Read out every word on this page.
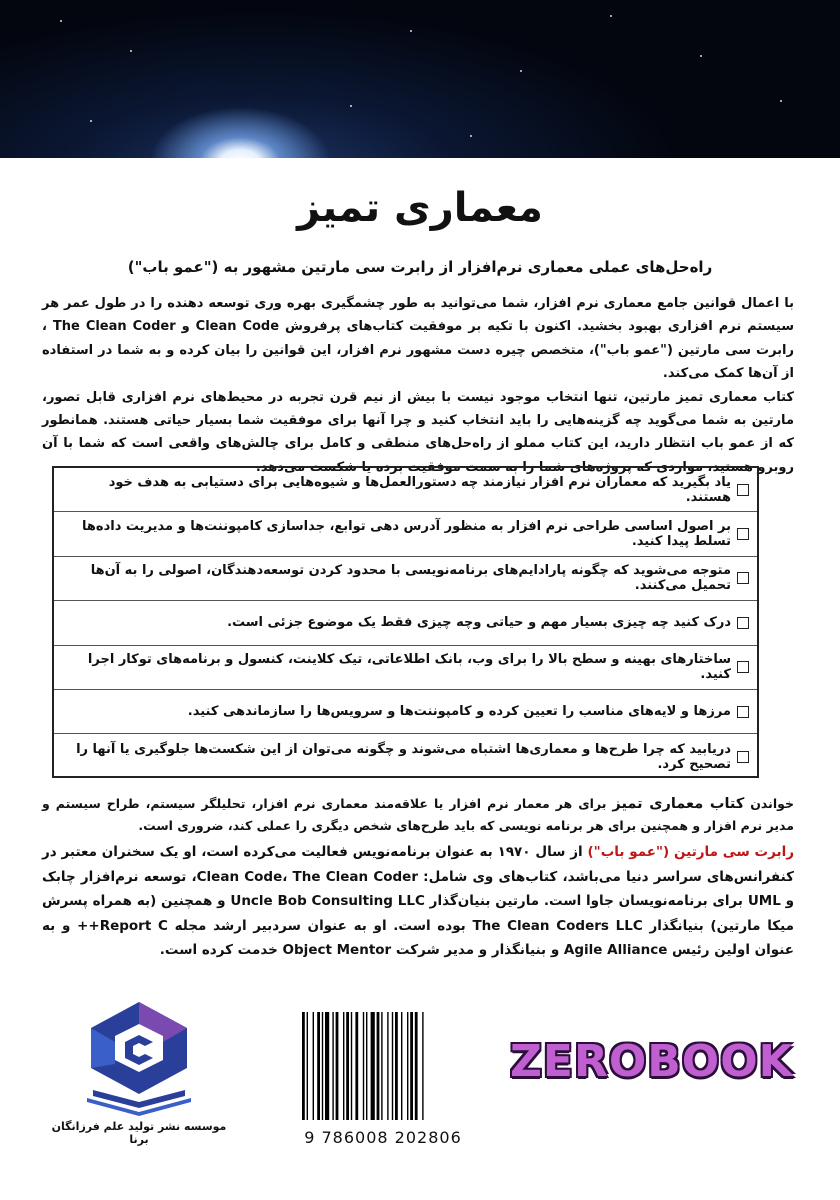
معماری تمیز
راه‌حل‌های عملی معماری نرم‌افزار از رابرت سی مارتین مشهور به ("عمو باب")

با اعمال قوانین جامع معماری نرم افزار، شما می‌توانید به طور چشمگیری بهره وری توسعه دهنده را در طول عمر هر سیستم نرم افزاری بهبود بخشید. اکنون با تکیه بر موفقیت کتاب‌های پرفروش Clean Code و The Clean Coder ، رابرت سی مارتین ("عمو باب")، متخصص چیره دست مشهور نرم افزار، این قوانین را بیان کرده و به شما در استفاده از آن‌ها کمک می‌کند.

کتاب معماری تمیز مارتین، تنها انتخاب موجود نیست با بیش از نیم قرن تجربه در محیط‌های نرم افزاری قابل تصور، مارتین به شما می‌گوید چه گزینه‌هایی را باید انتخاب کنید و چرا آنها برای موفقیت شما بسیار حیاتی هستند. همانطور که از عمو باب انتظار دارید، این کتاب مملو از راه‌حل‌های منطقی و کامل برای چالش‌های واقعی است که شما با آن روبرو هستید، مواردی که پروژه‌های شما را به سمت موفقیت برده یا شکست می‌دهد.

یاد بگیرید که معماران نرم افزار نیازمند چه دستورالعمل‌ها و شیوه‌هایی برای دستیابی به هدف خود هستند.
بر اصول اساسی طراحی نرم افزار به منظور آدرس دهی توابع، جداسازی کامپوننت‌ها و مدیریت داده‌ها تسلط پیدا کنید.
متوجه می‌شوید که چگونه پارادایم‌های برنامه‌نویسی با محدود کردن توسعه‌دهندگان، اصولی را به آن‌ها تحمیل می‌کنند.
درک کنید چه چیزی بسیار مهم و حیاتی وچه چیزی فقط یک موضوع جزئی است.
ساختارهای بهینه و سطح بالا را برای وب، بانک اطلاعاتی، تیک کلاینت، کنسول و برنامه‌های توکار اجرا کنید.
مرزها و لایه‌های مناسب را تعیین کرده و کامپوننت‌ها و سرویس‌ها را سازماندهی کنید.
دریابید که چرا طرح‌ها و معماری‌ها اشتباه می‌شوند و چگونه می‌توان از این شکست‌ها جلوگیری یا آنها را تصحیح کرد.
خواندن کتاب معماری تمیز برای هر معمار نرم افزار یا علاقه‌مند معماری نرم افزار، تحلیلگر سیستم، طراح سیستم و مدیر نرم افزار و همچنین برای هر برنامه نویسی که باید طرح‌های شخص دیگری را عملی کند، ضروری است.
رابرت سی مارتین ("عمو باب") از سال ۱۹۷۰ به عنوان برنامه‌نویس فعالیت می‌کرده است، او یک سخنران معتبر در کنفرانس‌های سراسر دنیا می‌باشد، کتاب‌های وی شامل: Clean Code، The Clean Coder، توسعه نرم‌افزار چابک و UML برای برنامه‌نویسان جاوا است. مارتین بنیان‌گذار Uncle Bob Consulting LLC و همچنین (به همراه پسرش میکا مارتین) بنیانگذار The Clean Coders LLC بوده است. او به عنوان سردبیر ارشد مجله Report C++ و به عنوان اولین رئیس Agile Alliance و بنیانگذار و مدیر شرکت Object Mentor خدمت کرده است.
موسسه نشر تولید علم فرزانگان برنا	9 786008 202806
ZEROBOOK
